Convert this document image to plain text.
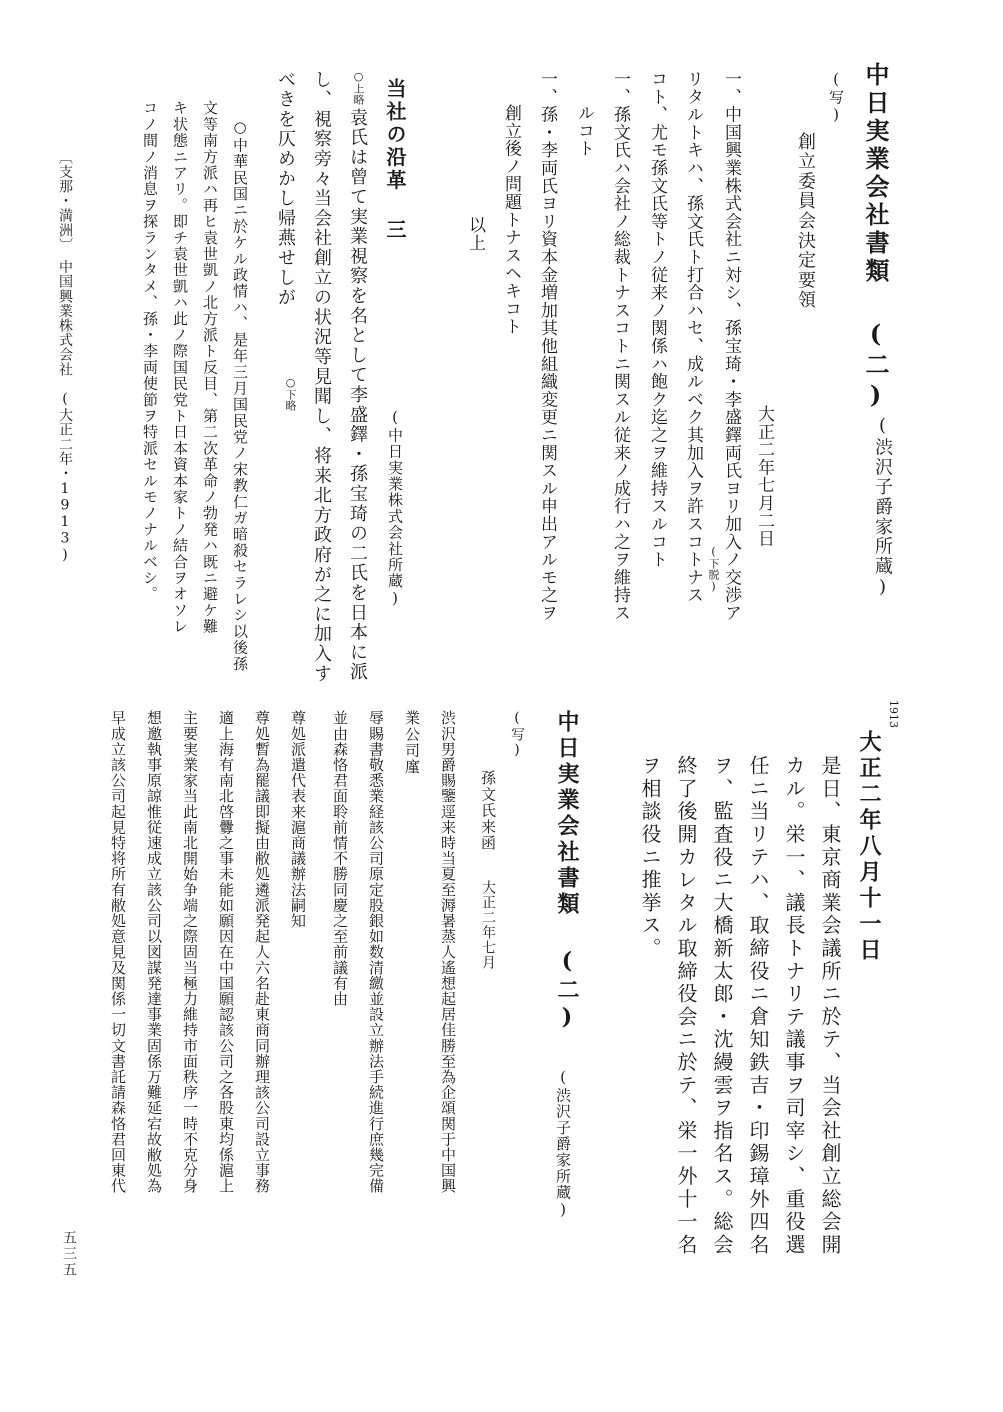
中日実業会社書類 (二)
(渋沢子爵家所蔵)
(写)
創立委員会決定要領
大正二年七月二日
一、中国興業株式会社ニ対シ、孫宝琦・李盛鐸両氏ヨリ加入ノ交渉ア
(下脱)
リタルトキハ、孫文氏ト打合ハセ、成ルベク其加入ヲ許スコトナス
コト、尤モ孫文氏等トノ従来ノ関係ハ飽ク迄之ヲ維持スルコト
一、孫文氏ハ会社ノ総裁トナスコトニ関スル従来ノ成行ハ之ヲ維持ス
ルコト
一、孫・李両氏ヨリ資本金増加其他組織変更ニ関スル申出アルモ之ヲ
創立後ノ問題トナスヘキコト
以上
当社の沿革 三
(中日実業株式会社所蔵)
○上略
袁氏は曾て実業視察を名として李盛鐸・孫宝琦の二氏を日本に派
し、視察旁々当会社創立の状況等見聞し、将来北方政府が之に加入す
べきを仄めかし帰燕せしが
○下略
○中華民国ニ於ケル政情ハ、是年三月国民党ノ宋教仁ガ暗殺セラレシ以後孫
文等南方派ハ再ヒ袁世凱ノ北方派ト反目、第二次革命ノ勃発ハ既ニ避ケ難
キ状態ニアリ。即チ袁世凱ハ此ノ際国民党ト日本資本家トノ結合ヲオソレ
コノ間ノ消息ヲ探ランタメ、孫・李両使節ヲ特派セルモノナルベシ。
〔支那・満洲〕　中国興業株式会社　(大正二年・1913)
1913
大正二年八月十一日
是日、東京商業会議所ニ於テ、当会社創立総会開
カル。栄一、議長トナリテ議事ヲ司宰シ、重役選
任ニ当リテハ、取締役ニ倉知鉄吉・印錫璋外四名
ヲ、監査役ニ大橋新太郎・沈縵雲ヲ指名ス。総会
終了後開カレタル取締役会ニ於テ、栄一外十一名
ヲ相談役ニ推挙ス。
中日実業会社書類 (二)
(渋沢子爵家所蔵)
(写)
孫文氏来函
大正二年七月
渋沢男爵賜鑒逕来時当夏至溽暑蒸人遙想起居佳勝至為企頌関于中国興
業公司廑
辱賜書敬悉業経該公司原定股銀如数清繳並設立辦法手続進行庶幾完備
並由森恪君面聆前情不勝同慶之至前議有由
尊処派遣代表来滬商議辦法嗣知
尊処暫為罷議即擬由敝処遴派発起人六名赴東商同辦理該公司設立事務
適上海有南北啓釁之事未能如願因在中国願認該公司之各股東均係滬上
主要実業家当此南北開始争端之際固当極力維持市面秩序一時不克分身
想邀執事原諒惟従速成立該公司以図謀発達事業固係万難延宕故敝処為
早成立該公司起見特将所有敝処意見及関係一切文書託請森恪君回東代
五三五
